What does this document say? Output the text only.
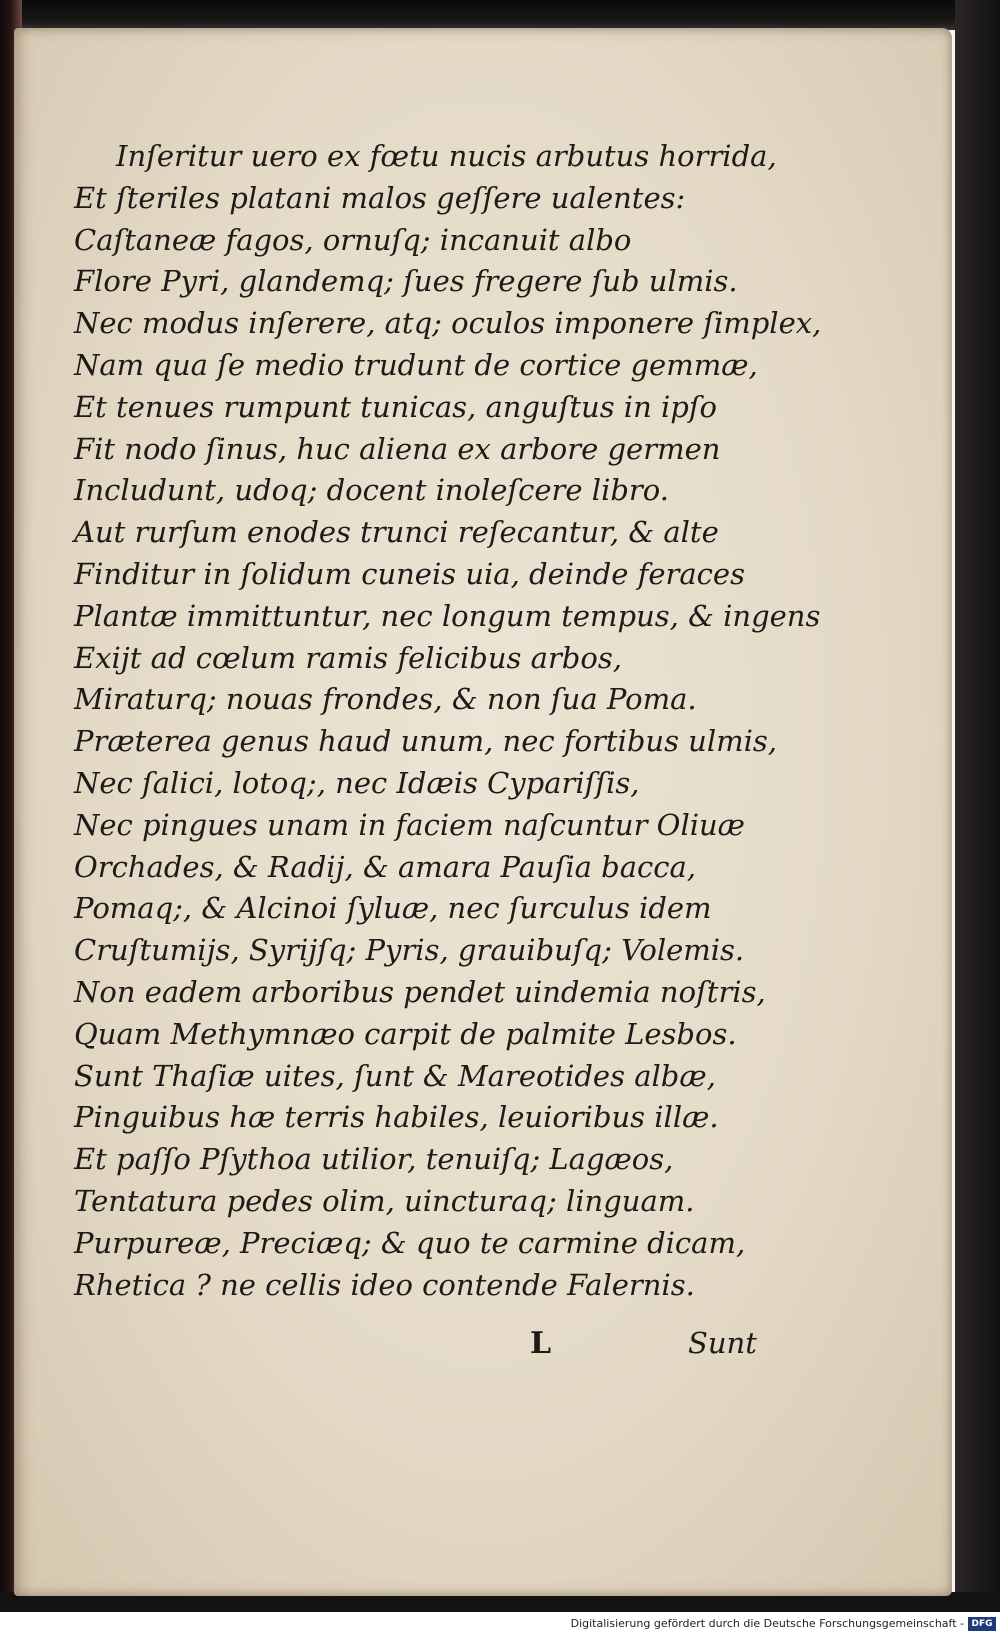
Inſeritur uero ex fœtu nucis arbutus horrida,
Et ſteriles platani malos geſſere ualentes:
Caſtaneæ fagos, ornuſq; incanuit albo
Flore Pyri, glandemq; ſues fregere ſub ulmis.
Nec modus inſerere, atq; oculos imponere ſimplex,
Nam qua ſe medio trudunt de cortice gemmæ,
Et tenues rumpunt tunicas, anguſtus in ipſo
Fit nodo ſinus, huc aliena ex arbore germen
Includunt, udoq; docent inoleſcere libro.
Aut rurſum enodes trunci reſecantur, & alte
Finditur in ſolidum cuneis uia, deinde feraces
Plantæ immittuntur, nec longum tempus, & ingens
Exijt ad cœlum ramis felicibus arbos,
Miraturq; nouas frondes, & non ſua Poma.
Præterea genus haud unum, nec fortibus ulmis,
Nec ſalici, lotoq;, nec Idæis Cypariſſis,
Nec pingues unam in faciem naſcuntur Oliuæ
Orchades, & Radij, & amara Pauſia bacca,
Pomaq;, & Alcinoi ſyluæ, nec ſurculus idem
Cruſtumijs, Syrijſq; Pyris, grauibuſq; Volemis.
Non eadem arboribus pendet uindemia noſtris,
Quam Methymnæo carpit de palmite Lesbos.
Sunt Thaſiæ uites, ſunt & Mareotides albæ,
Pinguibus hæ terris habiles, leuioribus illæ.
Et paſſo Pſythoa utilior, tenuiſq; Lagæos,
Tentatura pedes olim, uincturaq; linguam.
Purpureæ, Preciæq; & quo te carmine dicam,
Rhetica ? ne cellis ideo contende Falernis.
L	Sunt
Digitalisierung gefördert durch die Deutsche Forschungsgemeinschaft - DFG
